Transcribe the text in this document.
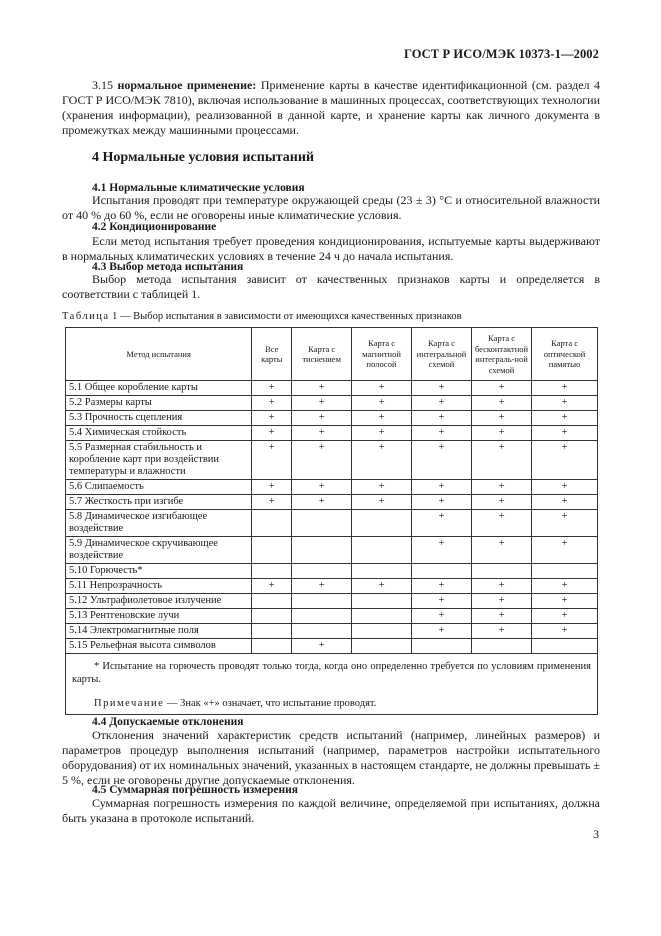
ГОСТ Р ИСО/МЭК 10373-1—2002
3.15 нормальное применение: Применение карты в качестве идентификационной (см. раздел 4 ГОСТ Р ИСО/МЭК 7810), включая использование в машинных процессах, соответствующих технологии (хранения информации), реализованной в данной карте, и хранение карты как личного документа в промежутках между машинными процессами.
4 Нормальные условия испытаний
4.1 Нормальные климатические условия
Испытания проводят при температуре окружающей среды (23 ± 3) °С и относительной влажности от 40 % до 60 %, если не оговорены иные климатические условия.
4.2 Кондиционирование
Если метод испытания требует проведения кондиционирования, испытуемые карты выдерживают в нормальных климатических условиях в течение 24 ч до начала испытания.
4.3 Выбор метода испытания
Выбор метода испытания зависит от качественных признаков карты и определяется в соответствии с таблицей 1.
Таблица 1 — Выбор испытания в зависимости от имеющихся качественных признаков
Метод испытания	Все карты	Карта с тиснением	Карта с магнитной полосой	Карта с интегральной схемой	Карта с бесконтактной интеграль-ной схемой	Карта с оптической памятью
5.1 Общее коробление карты	+	+	+	+	+	+
5.2 Размеры карты	+	+	+	+	+	+
5.3 Прочность сцепления	+	+	+	+	+	+
5.4 Химическая стойкость	+	+	+	+	+	+
5.5 Размерная стабильность и коробление карт при воздействии температуры и влажности	+	+	+	+	+	+
5.6 Слипаемость	+	+	+	+	+	+
5.7 Жесткость при изгибе	+	+	+	+	+	+
5.8 Динамическое изгибающее воздействие				+	+	+
5.9 Динамическое скручивающее воздействие				+	+	+
5.10 Горючесть*						
5.11 Непрозрачность	+	+	+	+	+	+
5.12 Ультрафиолетовое излучение				+	+	+
5.13 Рентгеновские лучи				+	+	+
5.14 Электромагнитные поля				+	+	+
5.15 Рельефная высота символов		+				

* Испытание на горючесть проводят только тогда, когда оно определенно требуется по условиям применения карты.
Примечание — Знак «+» означает, что испытание проводят.						
4.4 Допускаемые отклонения
Отклонения значений характеристик средств испытаний (например, линейных размеров) и параметров процедур выполнения испытаний (например, параметров настройки испытательного оборудования) от их номинальных значений, указанных в настоящем стандарте, не должны превышать ± 5 %, если не оговорены другие допускаемые отклонения.
4.5 Суммарная погрешность измерения
Суммарная погрешность измерения по каждой величине, определяемой при испытаниях, должна быть указана в протоколе испытаний.
3
